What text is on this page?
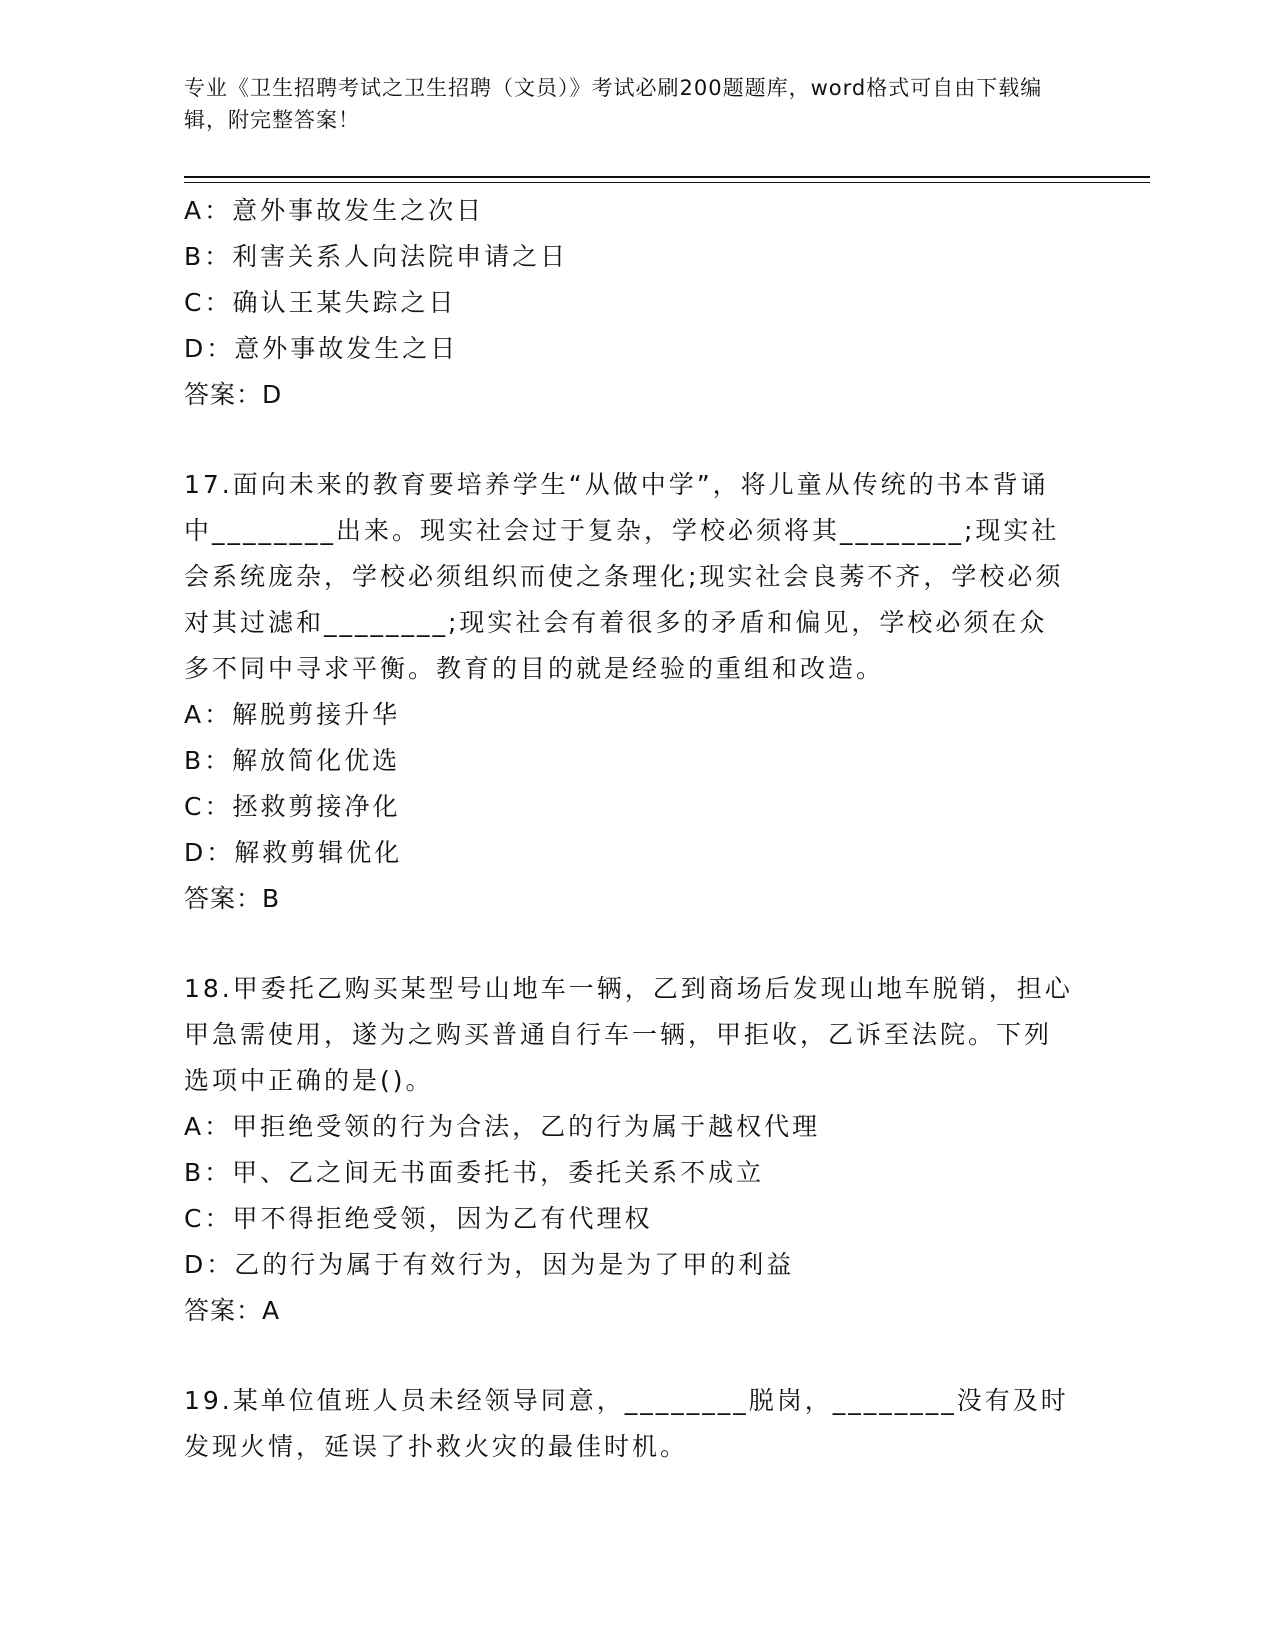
专业《卫生招聘考试之卫生招聘（文员）》考试必刷200题题库，word格式可自由下载编辑，附完整答案！
A：意外事故发生之次日
B：利害关系人向法院申请之日
C：确认王某失踪之日
D：意外事故发生之日
答案：D
17.面向未来的教育要培养学生“从做中学”，将儿童从传统的书本背诵中________出来。现实社会过于复杂，学校必须将其________;现实社会系统庞杂，学校必须组织而使之条理化;现实社会良莠不齐，学校必须对其过滤和________;现实社会有着很多的矛盾和偏见，学校必须在众多不同中寻求平衡。教育的目的就是经验的重组和改造。
A：解脱剪接升华
B：解放简化优选
C：拯救剪接净化
D：解救剪辑优化
答案：B
18.甲委托乙购买某型号山地车一辆，乙到商场后发现山地车脱销，担心甲急需使用，遂为之购买普通自行车一辆，甲拒收，乙诉至法院。下列选项中正确的是()。
A：甲拒绝受领的行为合法，乙的行为属于越权代理
B：甲、乙之间无书面委托书，委托关系不成立
C：甲不得拒绝受领，因为乙有代理权
D：乙的行为属于有效行为，因为是为了甲的利益
答案：A
19.某单位值班人员未经领导同意，________脱岗，________没有及时发现火情，延误了扑救火灾的最佳时机。
